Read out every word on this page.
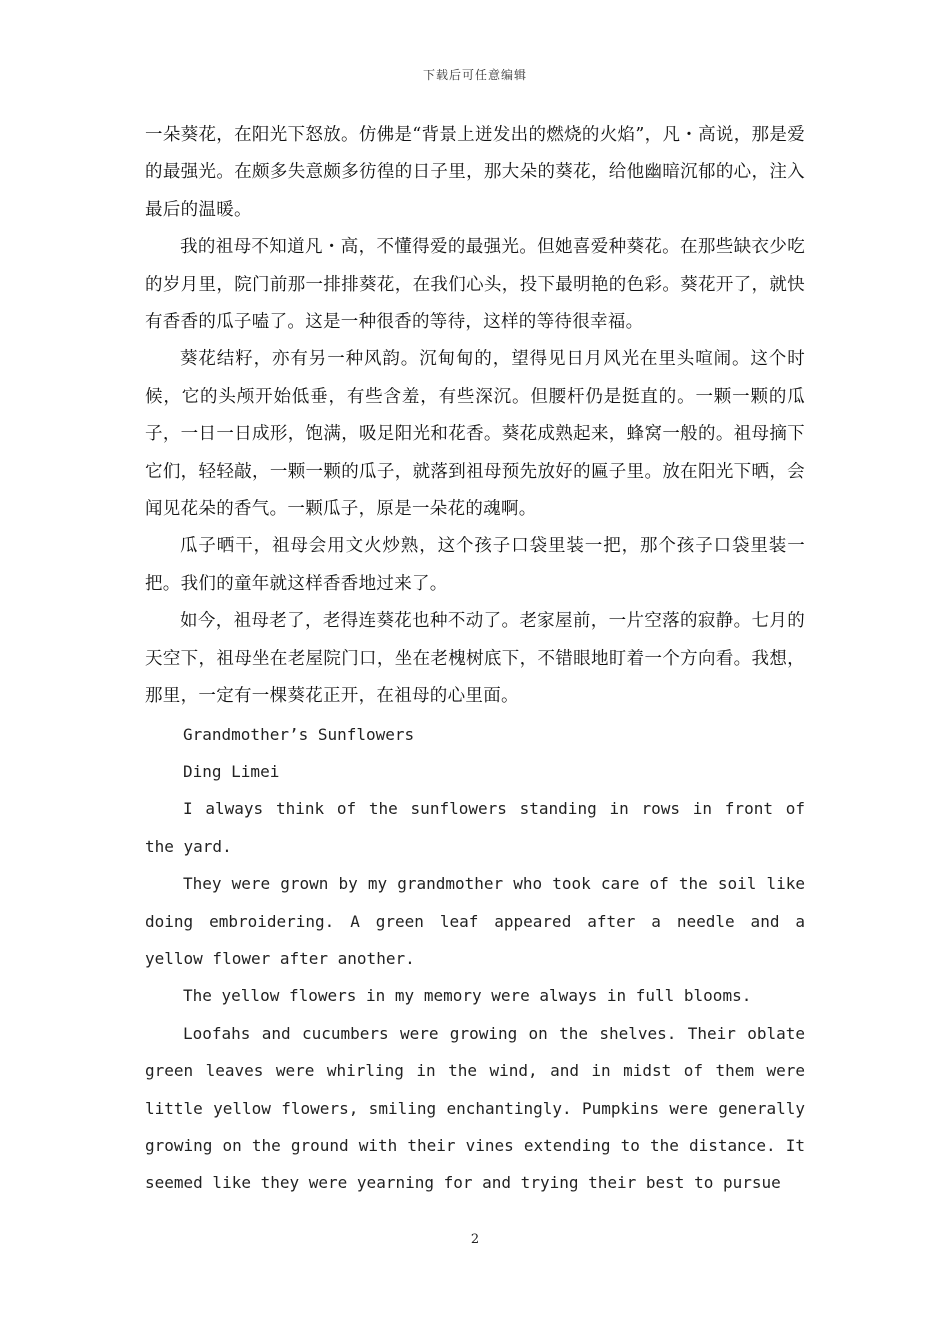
下载后可任意编辑

一朵葵花，在阳光下怒放。仿佛是“背景上迸发出的燃烧的火焰”，凡・高说，那是爱的最强光。在颇多失意颇多彷徨的日子里，那大朵的葵花，给他幽暗沉郁的心，注入最后的温暖。

我的祖母不知道凡・高，不懂得爱的最强光。但她喜爱种葵花。在那些缺衣少吃的岁月里，院门前那一排排葵花，在我们心头，投下最明艳的色彩。葵花开了，就快有香香的瓜子嗑了。这是一种很香的等待，这样的等待很幸福。

葵花结籽，亦有另一种风韵。沉甸甸的，望得见日月风光在里头喧闹。这个时候，它的头颅开始低垂，有些含羞，有些深沉。但腰杆仍是挺直的。一颗一颗的瓜子，一日一日成形，饱满，吸足阳光和花香。葵花成熟起来，蜂窝一般的。祖母摘下它们，轻轻敲，一颗一颗的瓜子，就落到祖母预先放好的匾子里。放在阳光下晒，会闻见花朵的香气。一颗瓜子，原是一朵花的魂啊。

瓜子晒干，祖母会用文火炒熟，这个孩子口袋里装一把，那个孩子口袋里装一把。我们的童年就这样香香地过来了。

如今，祖母老了，老得连葵花也种不动了。老家屋前，一片空落的寂静。七月的天空下，祖母坐在老屋院门口，坐在老槐树底下，不错眼地盯着一个方向看。我想，那里，一定有一棵葵花正开，在祖母的心里面。

Grandmother’s Sunflowers

Ding Limei

I always think of the sunflowers standing in rows in front of the yard.

They were grown by my grandmother who took care of the soil like doing embroidering. A green leaf appeared after a needle and a yellow flower after another.

The yellow flowers in my memory were always in full blooms.

Loofahs and cucumbers were growing on the shelves. Their oblate green leaves were whirling in the wind, and in midst of them were little yellow flowers, smiling enchantingly. Pumpkins were generally growing on the ground with their vines extending to the distance. It seemed like they were yearning for and trying their best to pursue

2
